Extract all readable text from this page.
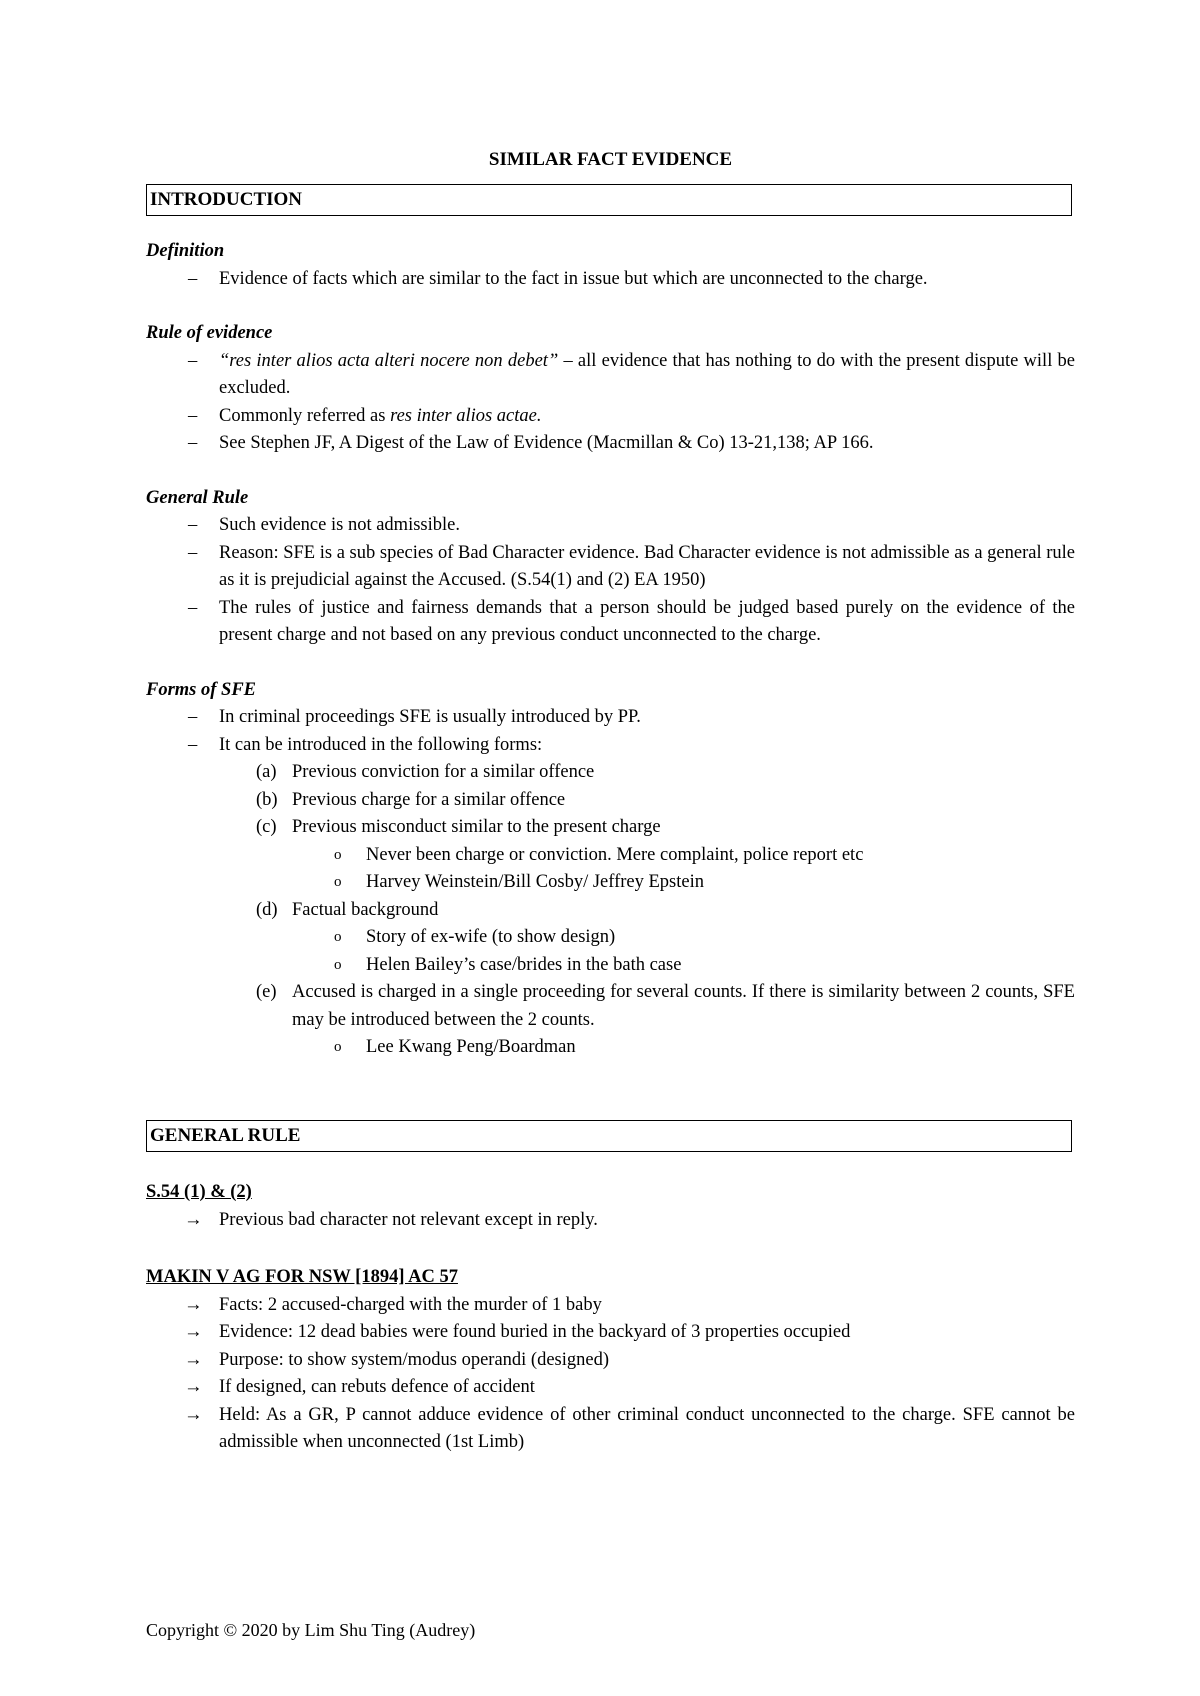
SIMILAR FACT EVIDENCE
INTRODUCTION
Definition
– Evidence of facts which are similar to the fact in issue but which are unconnected to the charge.
Rule of evidence
– “res inter alios acta alteri nocere non debet” – all evidence that has nothing to do with the present dispute will be excluded.
– Commonly referred as res inter alios actae.
– See Stephen JF, A Digest of the Law of Evidence (Macmillan & Co) 13-21,138; AP 166.
General Rule
– Such evidence is not admissible.
– Reason: SFE is a sub species of Bad Character evidence. Bad Character evidence is not admissible as a general rule as it is prejudicial against the Accused. (S.54(1) and (2) EA 1950)
– The rules of justice and fairness demands that a person should be judged based purely on the evidence of the present charge and not based on any previous conduct unconnected to the charge.
Forms of SFE
– In criminal proceedings SFE is usually introduced by PP.
– It can be introduced in the following forms:
(a) Previous conviction for a similar offence
(b) Previous charge for a similar offence
(c) Previous misconduct similar to the present charge
o Never been charge or conviction. Mere complaint, police report etc
o Harvey Weinstein/Bill Cosby/ Jeffrey Epstein
(d) Factual background
o Story of ex-wife (to show design)
o Helen Bailey’s case/brides in the bath case
(e) Accused is charged in a single proceeding for several counts. If there is similarity between 2 counts, SFE may be introduced between the 2 counts.
o Lee Kwang Peng/Boardman
GENERAL RULE
S.54 (1) & (2)
→ Previous bad character not relevant except in reply.
MAKIN V AG FOR NSW [1894] AC 57
→ Facts: 2 accused-charged with the murder of 1 baby
→ Evidence: 12 dead babies were found buried in the backyard of 3 properties occupied
→ Purpose: to show system/modus operandi (designed)
→ If designed, can rebuts defence of accident
→ Held: As a GR, P cannot adduce evidence of other criminal conduct unconnected to the charge. SFE cannot be admissible when unconnected (1st Limb)
Copyright © 2020 by Lim Shu Ting (Audrey)
